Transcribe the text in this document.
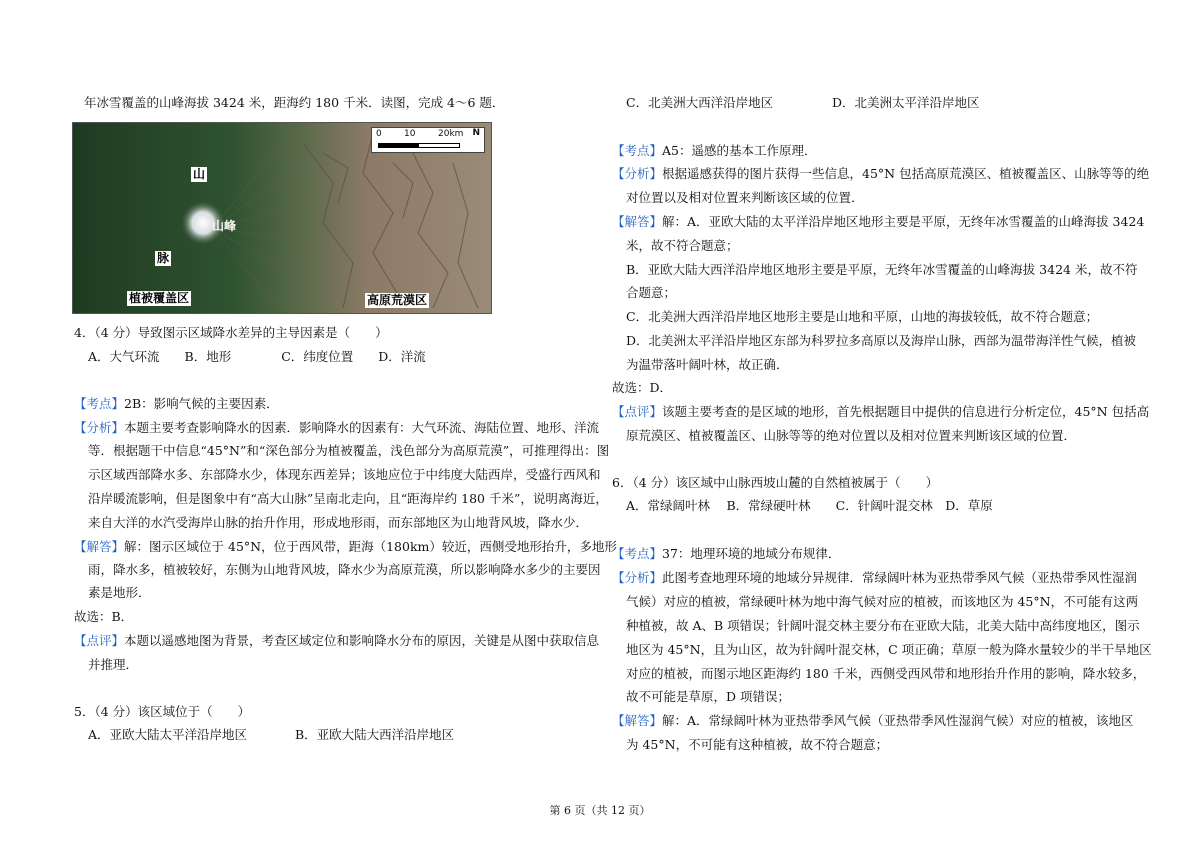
年冰雪覆盖的山峰海拔 3424 米，距海约 180 千米．读图，完成 4～6 题．
山
山峰
脉
植被覆盖区	高原荒漠区
0 10	20km N
4．（4 分）导致图示区域降水差异的主导因素是（　　）
A．大气环流　　B．地形　　　　C．纬度位置　　D．洋流
【考点】2B：影响气候的主要因素．
【分析】本题主要考查影响降水的因素．影响降水的因素有：大气环流、海陆位置、地形、洋流
等．根据题干中信息“45°N”和“深色部分为植被覆盖，浅色部分为高原荒漠”，可推理得出：图
示区域西部降水多、东部降水少，体现东西差异；该地应位于中纬度大陆西岸，受盛行西风和
沿岸暖流影响，但是图象中有“高大山脉”呈南北走向，且“距海岸约 180 千米”，说明离海近，
来自大洋的水汽受海岸山脉的抬升作用，形成地形雨，而东部地区为山地背风坡，降水少．
【解答】解：图示区域位于 45°N，位于西风带，距海（180km）较近，西侧受地形抬升，多地形
雨，降水多，植被较好，东侧为山地背风坡，降水少为高原荒漠，所以影响降水多少的主要因
素是地形．
故选：B．
【点评】本题以遥感地图为背景，考查区域定位和影响降水分布的原因，关键是从图中获取信息
并推理．
5．（4 分）该区域位于（　　）
A．亚欧大陆太平洋沿岸地区	B．亚欧大陆大西洋沿岸地区
C．北美洲大西洋沿岸地区	D．北美洲太平洋沿岸地区
【考点】A5：遥感的基本工作原理．
【分析】根据遥感获得的图片获得一些信息，45°N 包括高原荒漠区、植被覆盖区、山脉等等的绝
对位置以及相对位置来判断该区域的位置．
【解答】解：A．亚欧大陆的太平洋沿岸地区地形主要是平原，无终年冰雪覆盖的山峰海拔 3424
米，故不符合题意；
B．亚欧大陆大西洋沿岸地区地形主要是平原，无终年冰雪覆盖的山峰海拔 3424 米，故不符
合题意；
C．北美洲大西洋沿岸地区地形主要是山地和平原，山地的海拔较低，故不符合题意；
D．北美洲太平洋沿岸地区东部为科罗拉多高原以及海岸山脉，西部为温带海洋性气候，植被
为温带落叶阔叶林，故正确．
故选：D．
【点评】该题主要考查的是区域的地形，首先根据题目中提供的信息进行分析定位，45°N 包括高
原荒漠区、植被覆盖区、山脉等等的绝对位置以及相对位置来判断该区域的位置．
6．（4 分）该区域中山脉西坡山麓的自然植被属于（　　）
A．常绿阔叶林　 B．常绿硬叶林　　C．针阔叶混交林　D．草原
【考点】37：地理环境的地域分布规律．
【分析】此图考查地理环境的地域分异规律．常绿阔叶林为亚热带季风气候（亚热带季风性湿润
气候）对应的植被，常绿硬叶林为地中海气候对应的植被，而该地区为 45°N，不可能有这两
种植被，故 A、B 项错误；针阔叶混交林主要分布在亚欧大陆，北美大陆中高纬度地区，图示
地区为 45°N，且为山区，故为针阔叶混交林，C 项正确；草原一般为降水量较少的半干旱地区
对应的植被，而图示地区距海约 180 千米，西侧受西风带和地形抬升作用的影响，降水较多，
故不可能是草原，D 项错误；
【解答】解：A．常绿阔叶林为亚热带季风气候（亚热带季风性湿润气候）对应的植被，该地区
为 45°N，不可能有这种植被，故不符合题意；
第 6 页（共 12 页）
